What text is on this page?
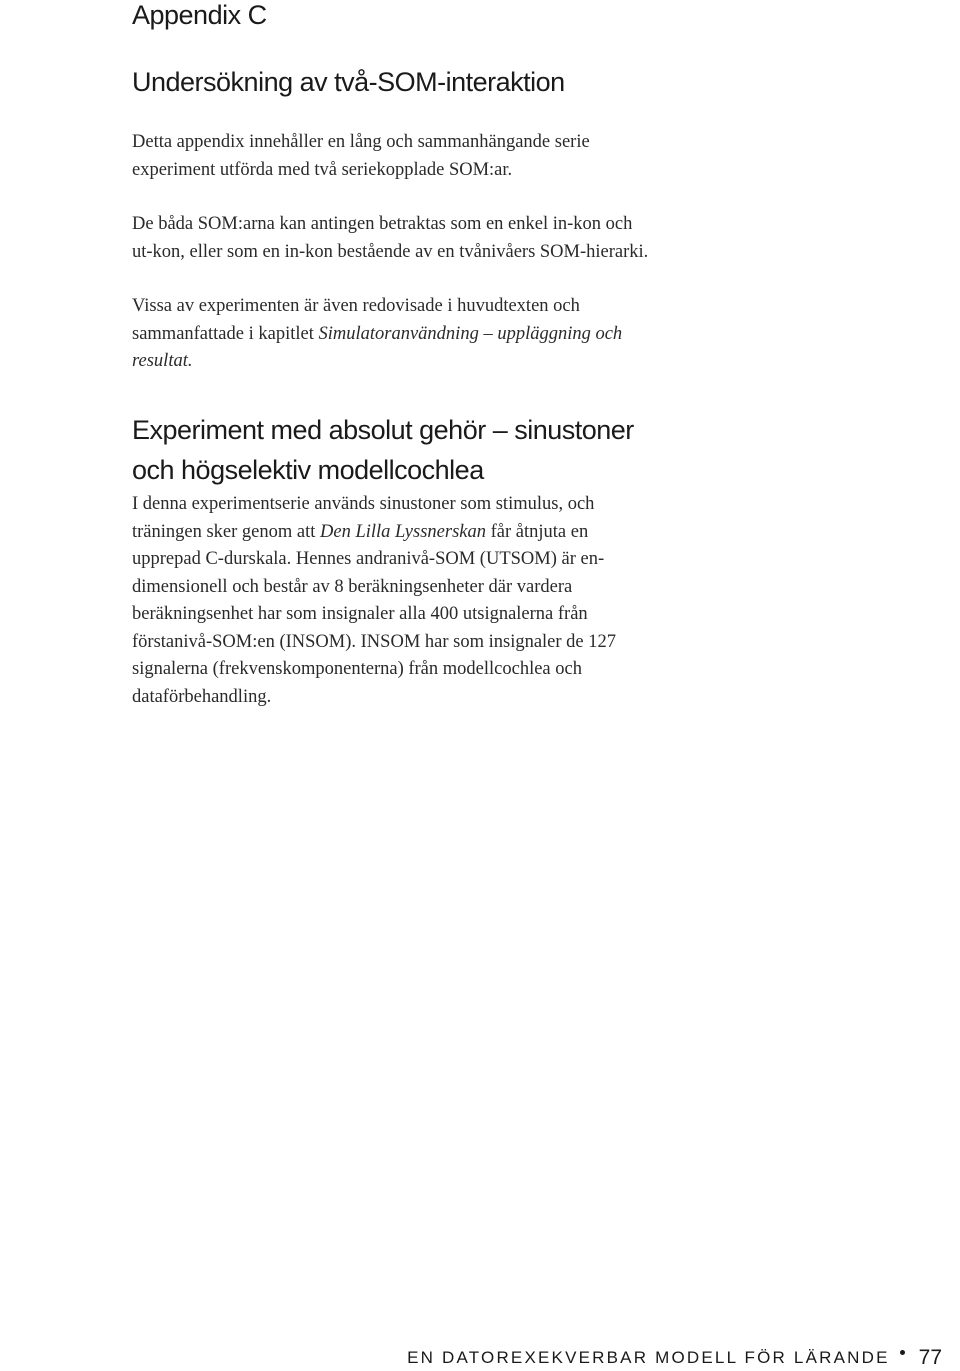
Appendix C
Undersökning av två-SOM-interaktion

Detta appendix innehåller en lång och sammanhängande serie
experiment utförda med två seriekopplade SOM:ar.

De båda SOM:arna kan antingen betraktas som en enkel in-kon och
ut-kon, eller som en in-kon bestående av en tvånivåers SOM-hierarki.

Vissa av experimenten är även redovisade i huvudtexten och
sammanfattade i kapitlet Simulatoranvändning – uppläggning och
resultat.

Experiment med absolut gehör – sinustoner
och högselektiv modellcochlea

I denna experimentserie används sinustoner som stimulus, och
träningen sker genom att Den Lilla Lyssnerskan får åtnjuta en
upprepad C-durskala. Hennes andranivå-SOM (UTSOM) är en-
dimensionell och består av 8 beräkningsenheter där vardera
beräkningsenhet har som insignaler alla 400 utsignalerna från
förstanivå-SOM:en (INSOM). INSOM har som insignaler de 127
signalerna (frekvenskomponenterna) från modellcochlea och
dataförbehandling.

EN DATOREXEKVERBAR MODELL FÖR LÄRANDE 77
